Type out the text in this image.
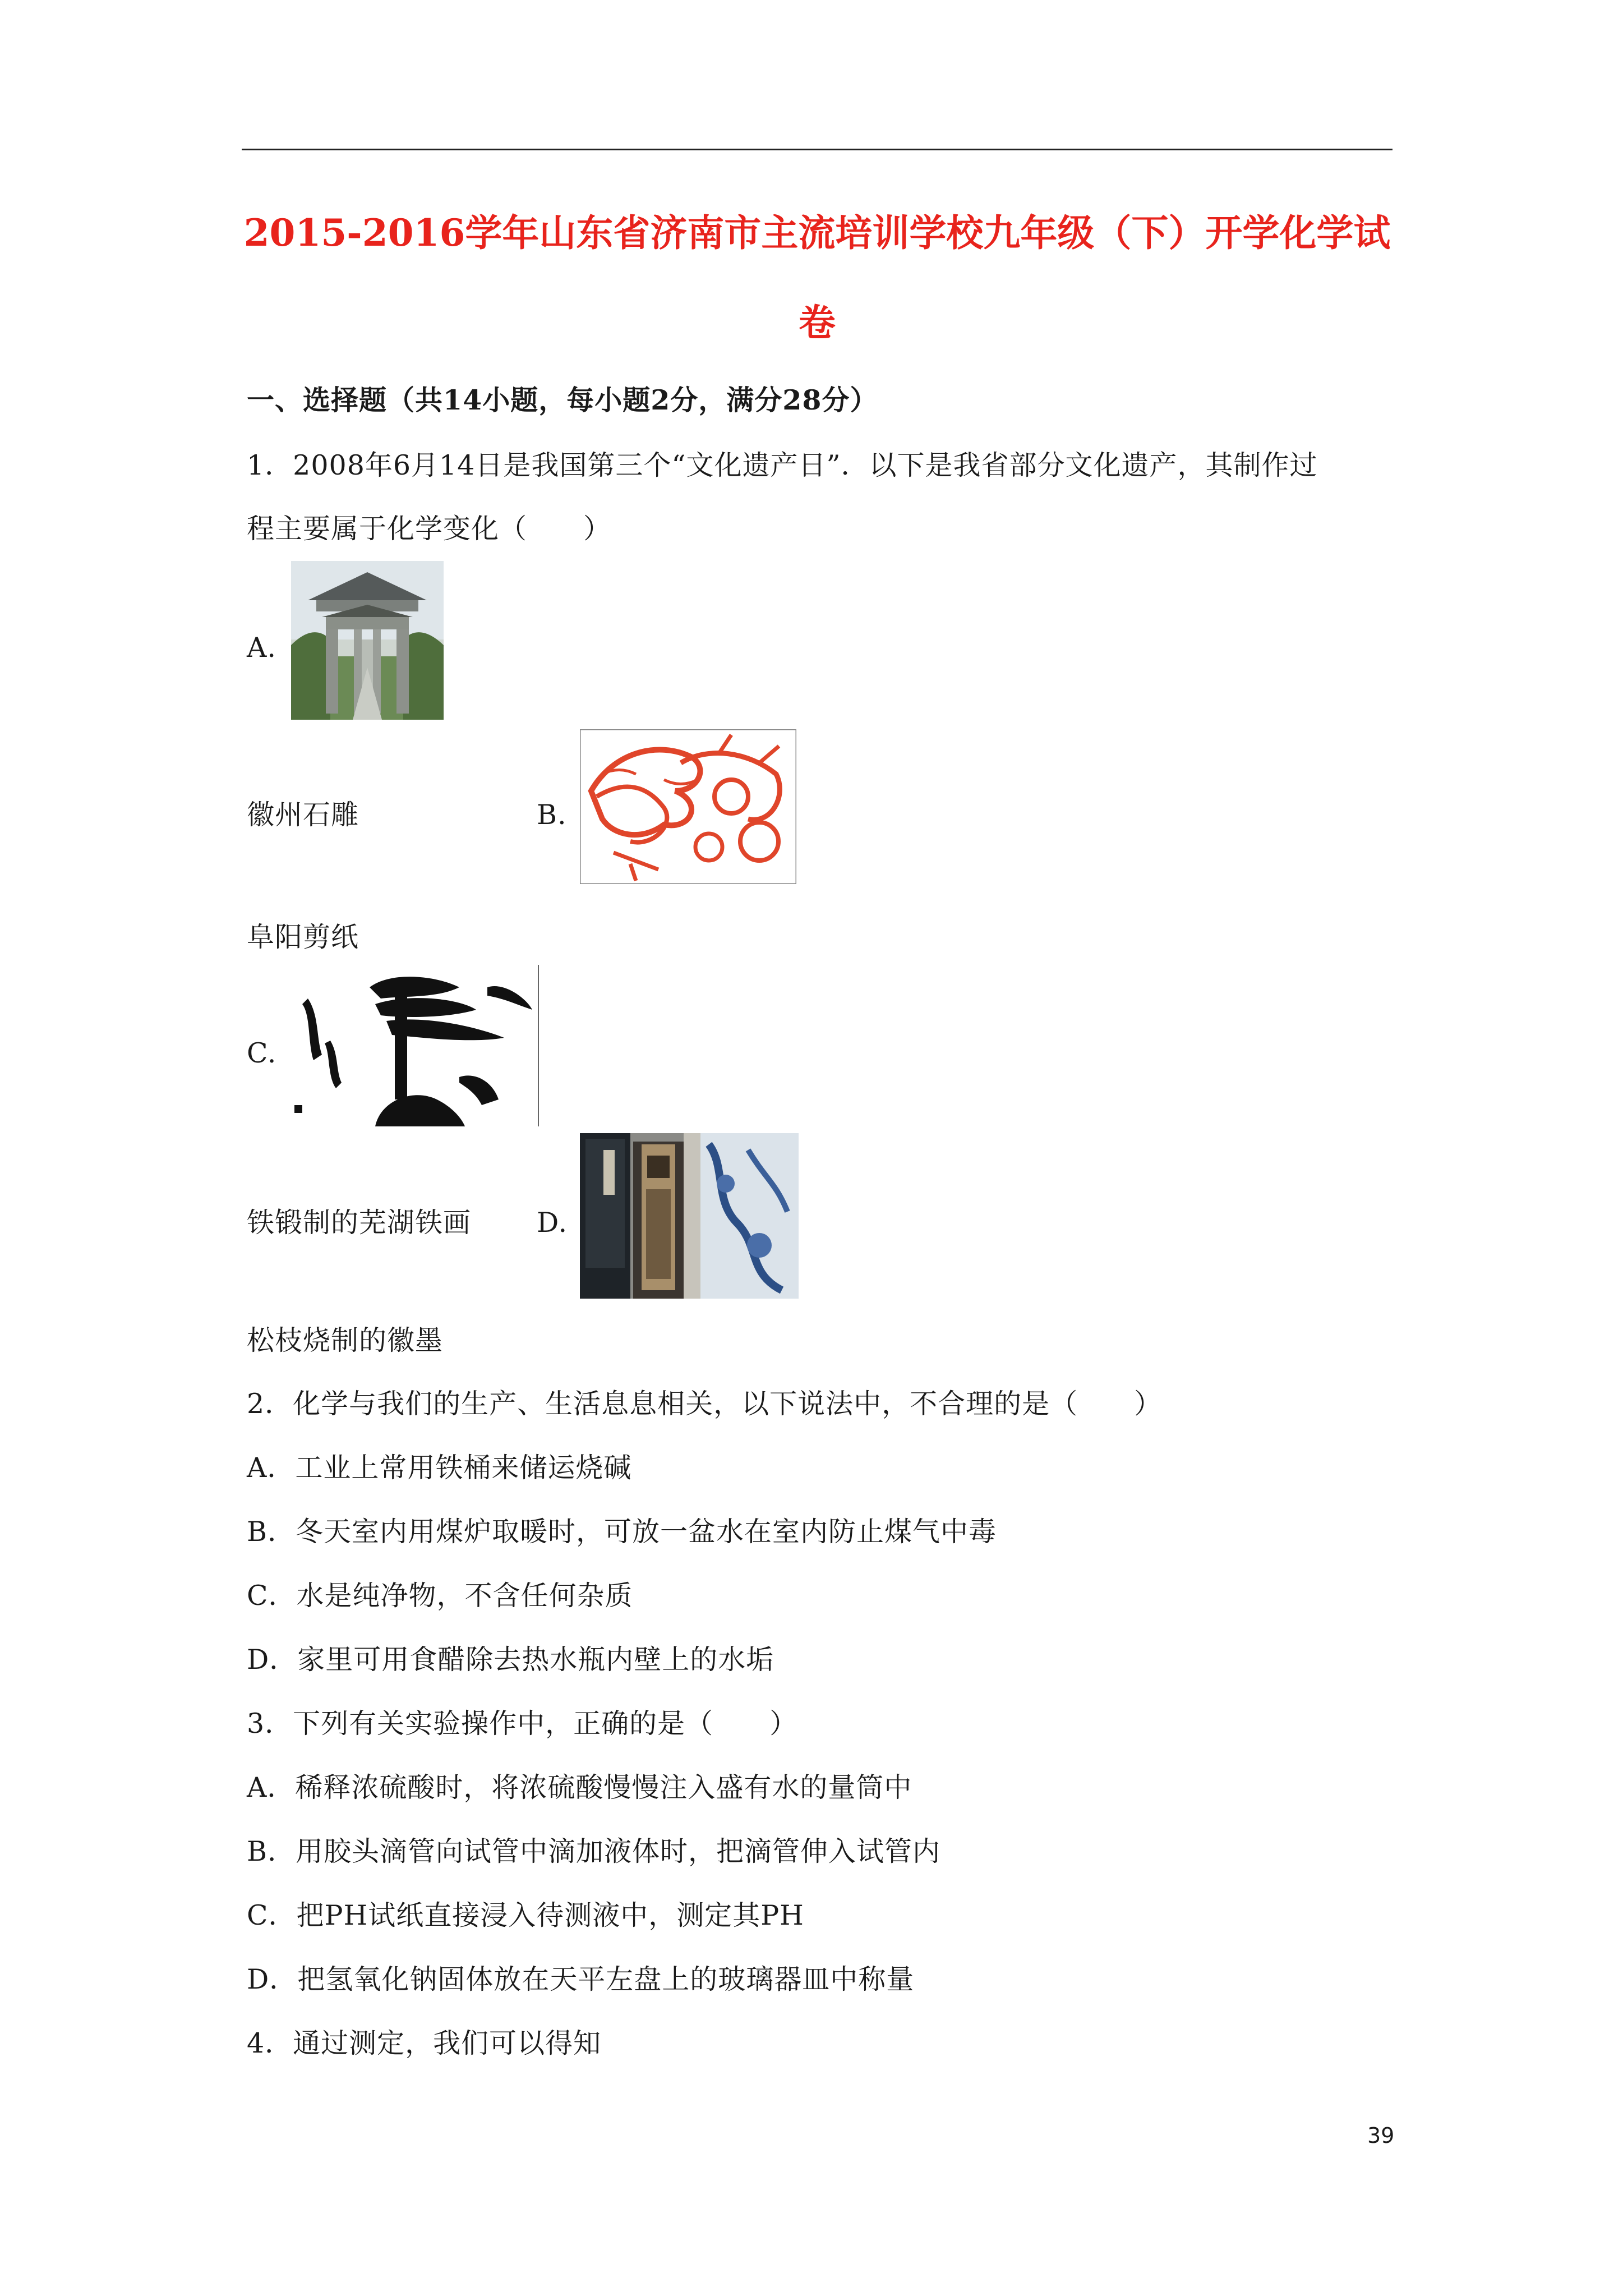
2015-2016学年山东省济南市主流培训学校九年级（下）开学化学试
卷
一、选择题（共14小题，每小题2分，满分28分）
1．2008年6月14日是我国第三个“文化遗产日”．以下是我省部分文化遗产，其制作过
程主要属于化学变化（　　）
A.
徽州石雕	B.
阜阳剪纸
C.
铁锻制的芜湖铁画 D.
松枝烧制的徽墨
2．化学与我们的生产、生活息息相关，以下说法中，不合理的是（　　）
A．工业上常用铁桶来储运烧碱
B．冬天室内用煤炉取暖时，可放一盆水在室内防止煤气中毒
C．水是纯净物，不含任何杂质
D．家里可用食醋除去热水瓶内壁上的水垢
3．下列有关实验操作中，正确的是（　　）
A．稀释浓硫酸时，将浓硫酸慢慢注入盛有水的量筒中
B．用胶头滴管向试管中滴加液体时，把滴管伸入试管内
C．把PH试纸直接浸入待测液中，测定其PH
D．把氢氧化钠固体放在天平左盘上的玻璃器皿中称量
4．通过测定，我们可以得知
39
